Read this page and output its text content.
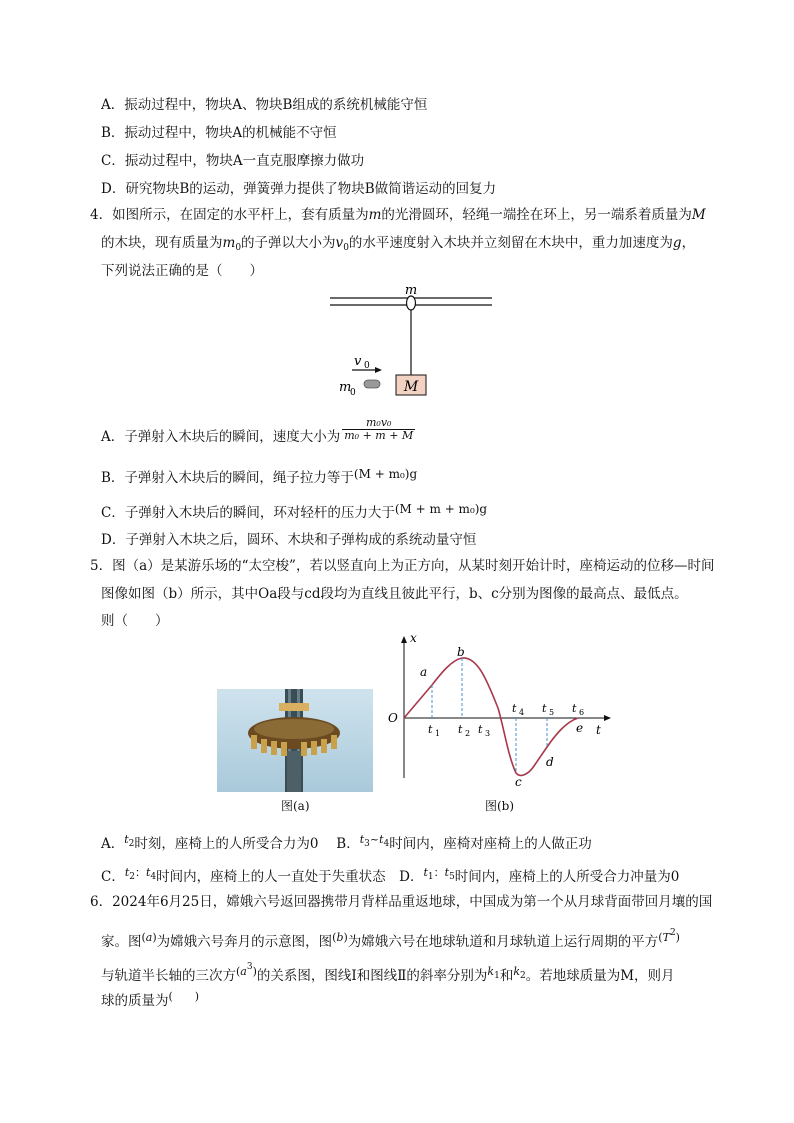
A．振动过程中，物块A、物块B组成的系统机械能守恒
B．振动过程中，物块A的机械能不守恒
C．振动过程中，物块A一直克服摩擦力做功
D．研究物块B的运动，弹簧弹力提供了物块B做简谐运动的回复力
4．如图所示，在固定的水平杆上，套有质量为m的光滑圆环，轻绳一端拴在环上，另一端系着质量为M
的木块，现有质量为$m_0$的子弹以大小为$v_0$的水平速度射入木块并立刻留在木块中，重力加速度为g，
下列说法正确的是（　　）
M
m
m
0
v 0
A．子弹射入木块后的瞬间，速度大小为 $\frac{\text{m₀v₀}}{\text{m₀ + m + M}}$
B．子弹射入木块后的瞬间，绳子拉力等于(M + m₀)g
C．子弹射入木块后的瞬间，环对轻杆的压力大于(M + m + m₀)g
D．子弹射入木块之后，圆环、木块和子弹构成的系统动量守恒
5．图（a）是某游乐场的“太空梭”，若以竖直向上为正方向，从某时刻开始计时，座椅运动的位移—时间
图像如图（b）所示，其中Oa段与cd段均为直线且彼此平行，b、c分别为图像的最高点、最低点。
则（　　）
图(a)
x
t
O
a
b
c
d
e
t 1 t 2 t 3
t 4 t 5 t 6
图(b)
A．$^t_2$时刻，座椅上的人所受合力为0　 B．$^t_3^{\sim t}_4$时间内，座椅对座椅上的人做正功
C．$^t_2^{:t}_4$时间内，座椅上的人一直处于失重状态　D．$^t_1^{:t}_5$时间内，座椅上的人所受合力冲量为0
6．2024年6月25日，嫦娥六号返回器携带月背样品重返地球，中国成为第一个从月球背面带回月壤的国
家。图$^{(a)}$为嫦娥六号奔月的示意图，图$^{(b)}$为嫦娥六号在地球轨道和月球轨道上运行周期的平方$^{(T^2)}$
与轨道半长轴的三次方$^{(a^3)}$的关系图，图线Ⅰ和图线Ⅱ的斜率分别为$^k_1$和$^k_2$。若地球质量为M，则月
球的质量为(　　)
